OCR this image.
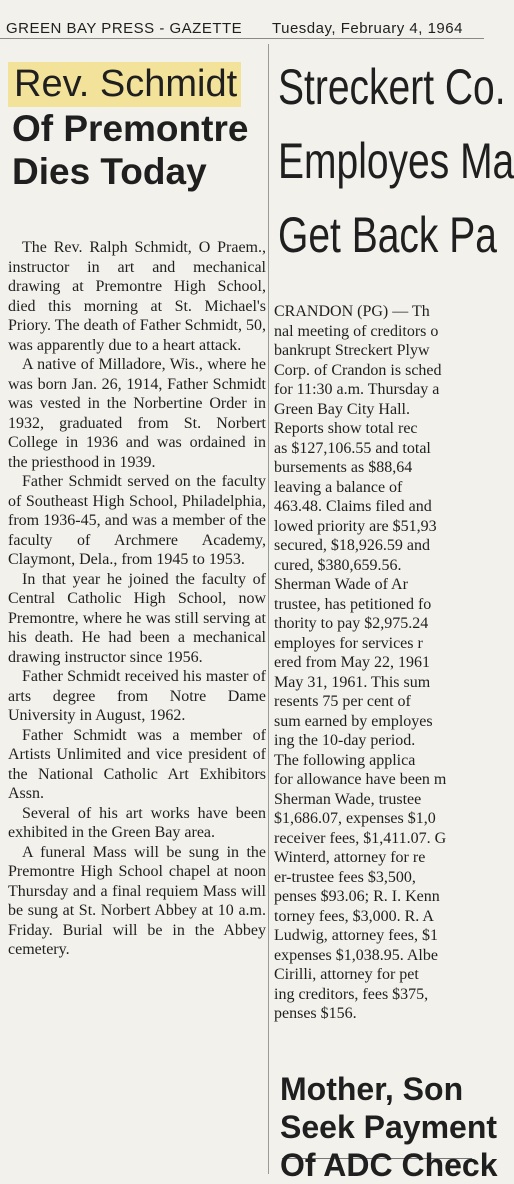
GREEN BAY PRESS - GAZETTE Tuesday, February 4, 1964
Rev. Schmidt
Of Premontre
Dies Today

The Rev. Ralph Schmidt, O Praem., instructor in art and mechanical drawing at Premontre High School, died this morning at St. Michael's Priory. The death of Father Schmidt, 50, was apparently due to a heart attack.

A native of Milladore, Wis., where he was born Jan. 26, 1914, Father Schmidt was vested in the Norbertine Order in 1932, graduated from St. Norbert College in 1936 and was ordained in the priesthood in 1939.

Father Schmidt served on the faculty of Southeast High School, Philadelphia, from 1936-45, and was a member of the faculty of Archmere Academy, Claymont, Dela., from 1945 to 1953.

In that year he joined the faculty of Central Catholic High School, now Premontre, where he was still serving at his death. He had been a mechanical drawing instructor since 1956.

Father Schmidt received his master of arts degree from Notre Dame University in August, 1962.

Father Schmidt was a member of Artists Unlimited and vice president of the National Catholic Art Exhibitors Assn.

Several of his art works have been exhibited in the Green Bay area.

A funeral Mass will be sung in the Premontre High School chapel at noon Thursday and a final requiem Mass will be sung at St. Norbert Abbey at 10 a.m. Friday. Burial will be in the Abbey cemetery.

Streckert Co.
Employes Ma
Get Back Pa

CRANDON (PG) — Th

nal meeting of creditors o

bankrupt Streckert Plyw

Corp. of Crandon is sched

for 11:30 a.m. Thursday a

Green Bay City Hall.

Reports show total rec

as $127,106.55 and total

bursements as $88,64

leaving a balance of

463.48. Claims filed and

lowed priority are $51,93

secured, $18,926.59 and

cured, $380,659.56.

Sherman Wade of Ar

trustee, has petitioned fo

thority to pay $2,975.24

employes for services r

ered from May 22, 1961

May 31, 1961. This sum

resents 75 per cent of

sum earned by employes

ing the 10-day period.

The following applica

for allowance have been m

Sherman Wade, trustee

$1,686.07, expenses $1,0

receiver fees, $1,411.07. G

Winterd, attorney for re

er-trustee fees $3,500,

penses $93.06; R. I. Kenn

torney fees, $3,000. R. A

Ludwig, attorney fees, $1

expenses $1,038.95. Albe

Cirilli, attorney for pet

ing creditors, fees $375,

penses $156.

Mother, Son
Seek Payment
Of ADC Check
